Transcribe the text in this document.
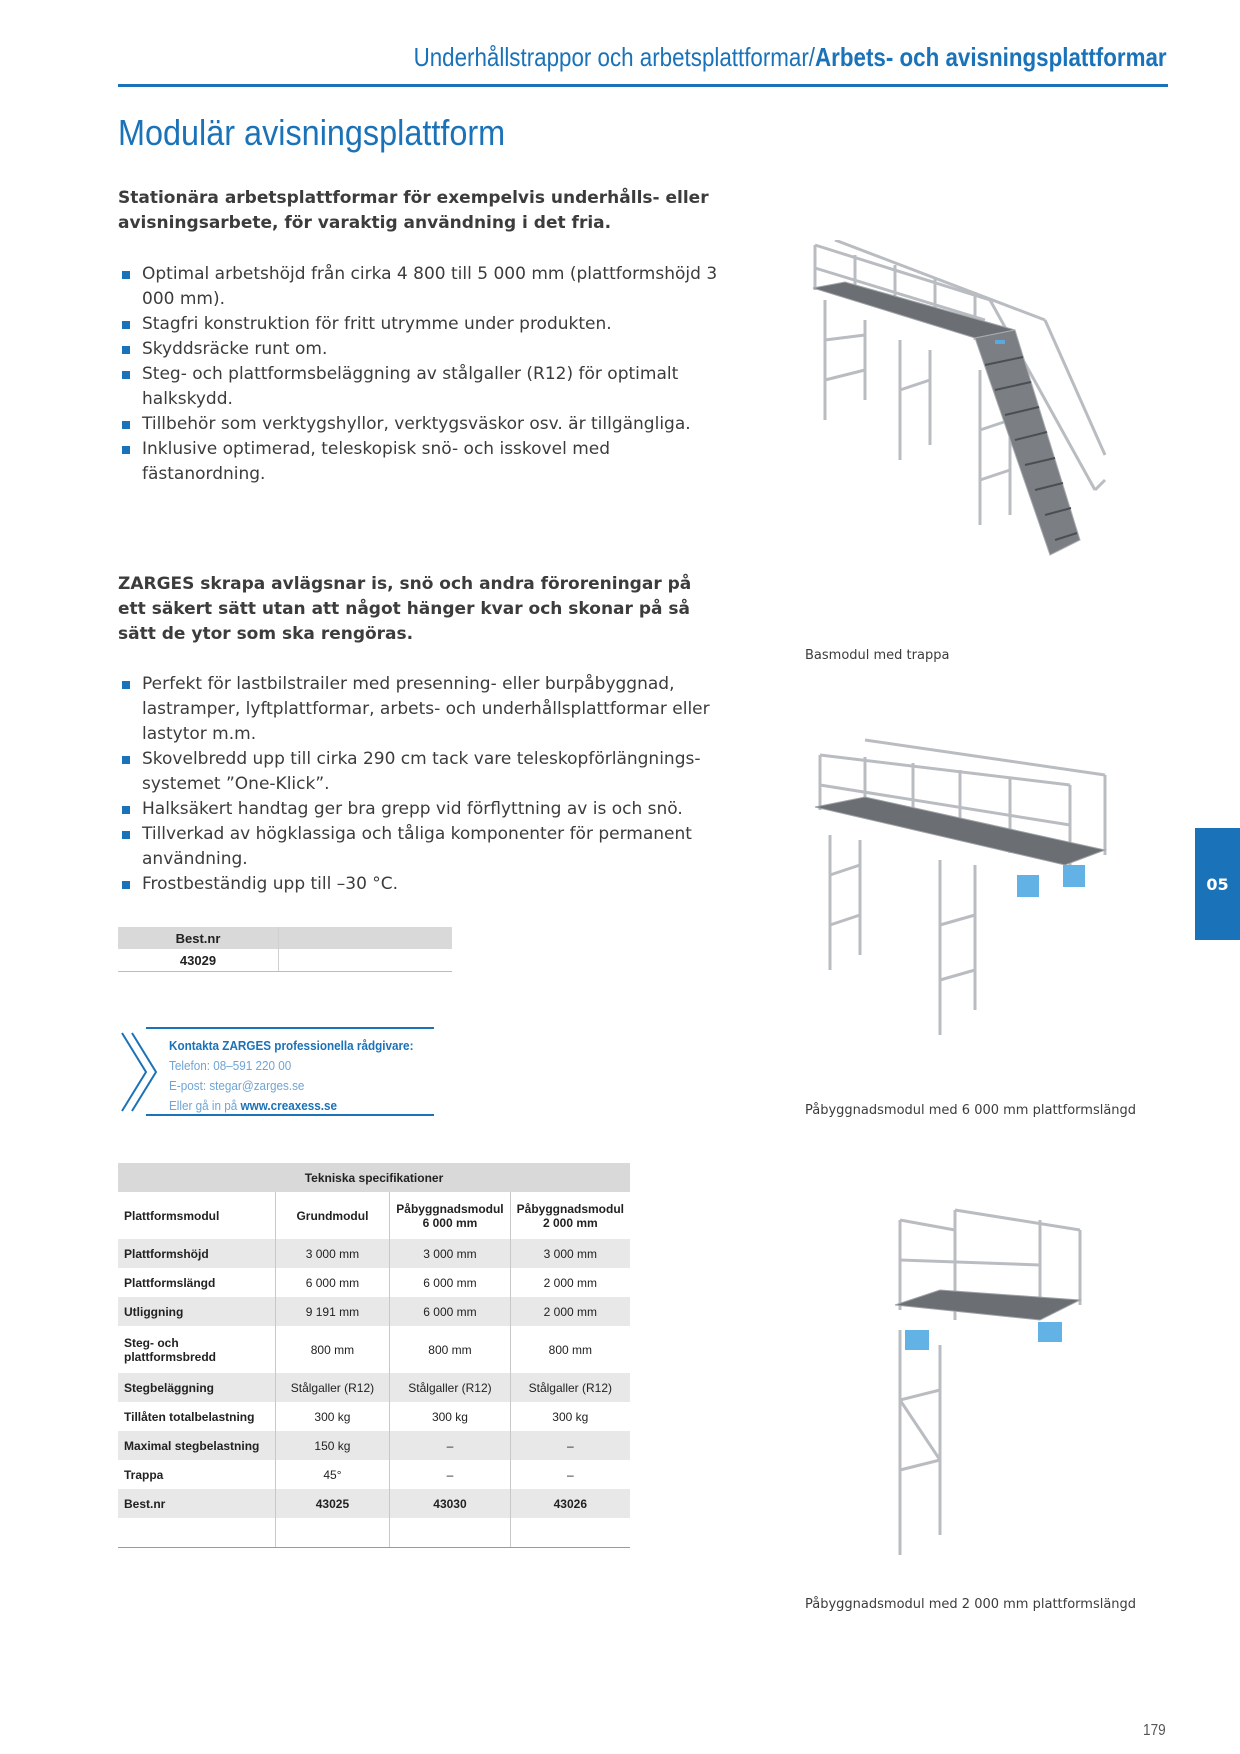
Underhållstrappor och arbetsplattformar/Arbets- och avisningsplattformar
Modulär avisningsplattform

Stationära arbetsplattformar för exempelvis underhålls- eller avisningsarbete, för varaktig användning i det fria.

Optimal arbetshöjd från cirka 4 800 till 5 000 mm (plattformshöjd 3 000 mm).
Stagfri konstruktion för fritt utrymme under produkten.
Skyddsräcke runt om.
Steg- och plattformsbeläggning av stålgaller (R12) för optimalt halkskydd.
Tillbehör som verktygshyllor, verktygsväskor osv. är tillgängliga.
Inklusive optimerad, teleskopisk snö- och isskovel med fästanordning.

ZARGES skrapa avlägsnar is, snö och andra föroreningar på ett säkert sätt utan att något hänger kvar och skonar på så sätt de ytor som ska rengöras.

Perfekt för lastbilstrailer med presenning- eller burpåbyggnad, lastramper, lyftplattformar, arbets- och underhållsplattformar eller lastytor m.m.
Skovelbredd upp till cirka 290 cm tack vare teleskopförlängnings-systemet ”One-Klick”.
Halksäkert handtag ger bra grepp vid förflyttning av is och snö.
Tillverkad av högklassiga och tåliga komponenter för permanent användning.
Frostbeständig upp till –30 °C.
Best.nr	
43029	
Kontakta ZARGES professionella rådgivare:
Telefon: 08–591 220 00
E-post: stegar@zarges.se
Eller gå in på www.creaxess.se
Tekniska specifikationer			
Plattformsmodul	Grundmodul	Påbyggnadsmodul 6 000 mm	Påbyggnadsmodul 2 000 mm
Plattformshöjd	3 000 mm	3 000 mm	3 000 mm
Plattformslängd	6 000 mm	6 000 mm	2 000 mm
Utliggning	9 191 mm	6 000 mm	2 000 mm
Steg- och plattformsbredd	800 mm	800 mm	800 mm
Stegbeläggning	Stålgaller (R12)	Stålgaller (R12)	Stålgaller (R12)
Tillåten totalbelastning	300 kg	300 kg	300 kg
Maximal stegbelastning	150 kg	–	–
Trappa	45°	–	–
Best.nr	43025	43030	43026

Basmodul med trappa
Påbyggnadsmodul med 6 000 mm plattformslängd
Påbyggnadsmodul med 2 000 mm plattformslängd
05
179
